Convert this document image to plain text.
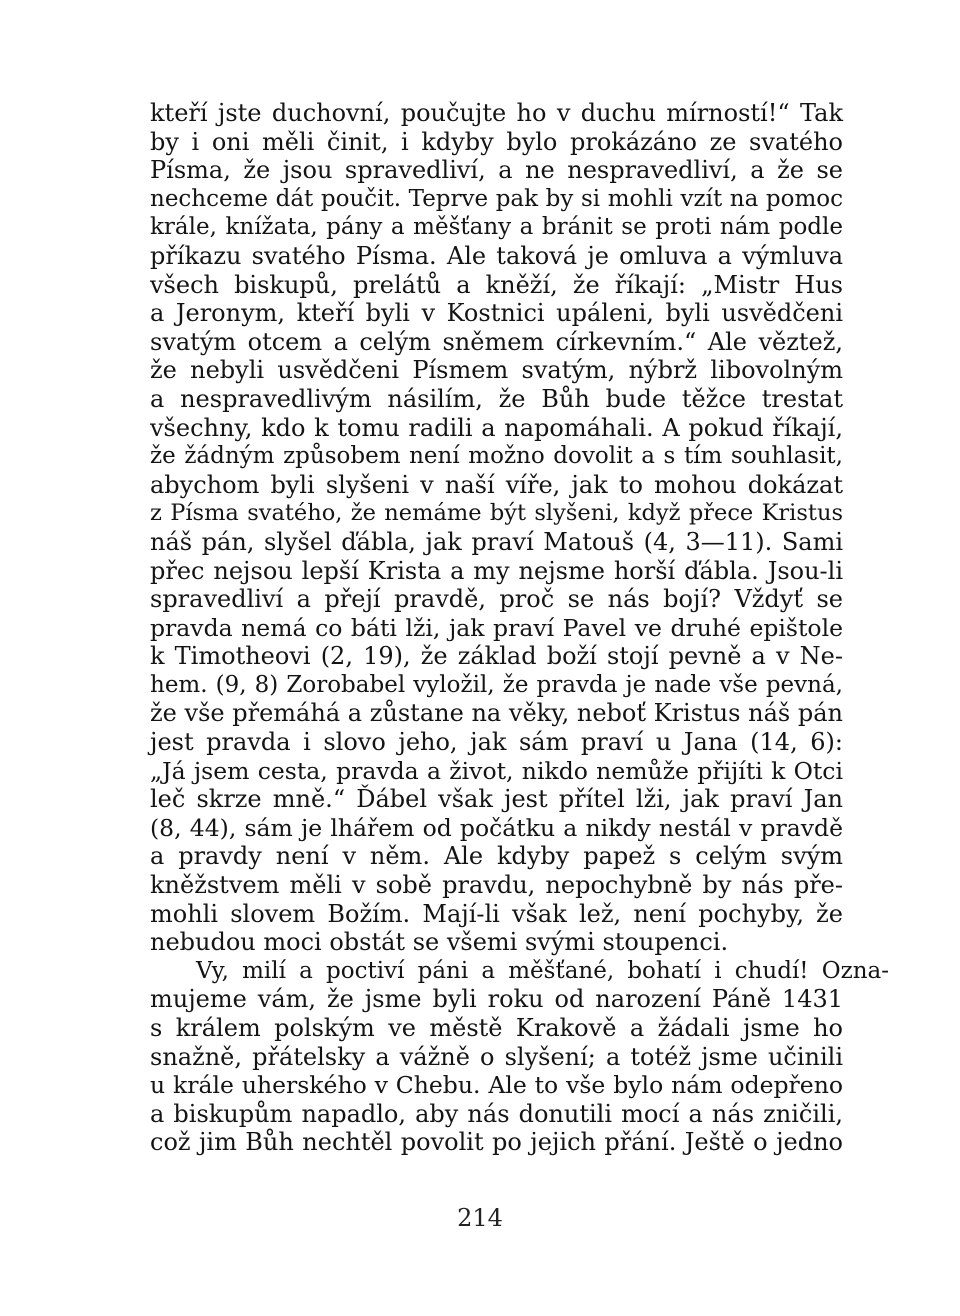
kteří jste duchovní, poučujte ho v duchu mírností!“ Tak
by i oni měli činit, i kdyby bylo prokázáno ze svatého
Písma, že jsou spravedliví, a ne nespravedliví, a že se
nechceme dát poučit. Teprve pak by si mohli vzít na pomoc
krále, knížata, pány a měšťany a bránit se proti nám podle
příkazu svatého Písma. Ale taková je omluva a výmluva
všech biskupů, prelátů a kněží, že říkají: „Mistr Hus
a Jeronym, kteří byli v Kostnici upáleni, byli usvědčeni
svatým otcem a celým sněmem církevním.“ Ale věztež,
že nebyli usvědčeni Písmem svatým, nýbrž libovolným
a nespravedlivým násilím, že Bůh bude těžce trestat
všechny, kdo k tomu radili a napomáhali. A pokud říkají,
že žádným způsobem není možno dovolit a s tím souhlasit,
abychom byli slyšeni v naší víře, jak to mohou dokázat
z Písma svatého, že nemáme být slyšeni, když přece Kristus
náš pán, slyšel ďábla, jak praví Matouš (4, 3—11). Sami
přec nejsou lepší Krista a my nejsme horší ďábla. Jsou-li
spravedliví a přejí pravdě, proč se nás bojí? Vždyť se
pravda nemá co báti lži, jak praví Pavel ve druhé epištole
k Timotheovi (2, 19), že základ boží stojí pevně a v Ne-
hem. (9, 8) Zorobabel vyložil, že pravda je nade vše pevná,
že vše přemáhá a zůstane na věky, neboť Kristus náš pán
jest pravda i slovo jeho, jak sám praví u Jana (14, 6):
„Já jsem cesta, pravda a život, nikdo nemůže přijíti k Otci
leč skrze mně.“ Ďábel však jest přítel lži, jak praví Jan
(8, 44), sám je lhářem od počátku a nikdy nestál v pravdě
a pravdy není v něm. Ale kdyby papež s celým svým
kněžstvem měli v sobě pravdu, nepochybně by nás pře-
mohli slovem Božím. Mají-li však lež, není pochyby, že
nebudou moci obstát se všemi svými stoupenci.
Vy, milí a poctiví páni a měšťané, bohatí i chudí! Ozna-
mujeme vám, že jsme byli roku od narození Páně 1431
s králem polským ve městě Krakově a žádali jsme ho
snažně, přátelsky a vážně o slyšení; a totéž jsme učinili
u krále uherského v Chebu. Ale to vše bylo nám odepřeno
a biskupům napadlo, aby nás donutili mocí a nás zničili,
což jim Bůh nechtěl povolit po jejich přání. Ještě o jedno
214
